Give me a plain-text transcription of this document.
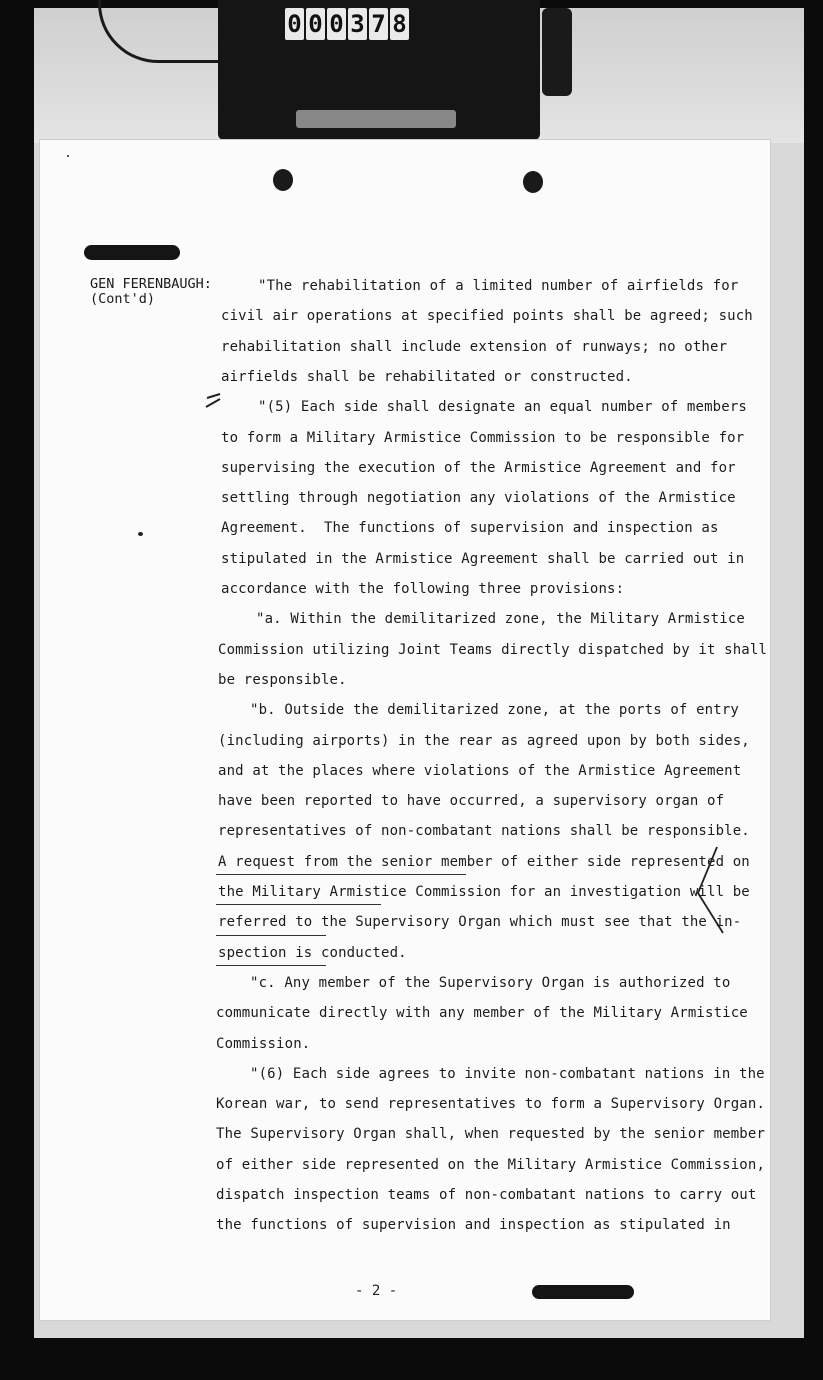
0 0 0 3 7 8
GEN FERENBAUGH:
(Cont'd)
"The rehabilitation of a limited number of airfields for
civil air operations at specified points shall be agreed; such
rehabilitation shall include extension of runways; no other
airfields shall be rehabilitated or constructed.
"(5) Each side shall designate an equal number of members
to form a Military Armistice Commission to be responsible for
supervising the execution of the Armistice Agreement and for
settling through negotiation any violations of the Armistice
Agreement.  The functions of supervision and inspection as
stipulated in the Armistice Agreement shall be carried out in
accordance with the following three provisions:
"a. Within the demilitarized zone, the Military Armistice
Commission utilizing Joint Teams directly dispatched by it shall
be responsible.
"b. Outside the demilitarized zone, at the ports of entry
(including airports) in the rear as agreed upon by both sides,
and at the places where violations of the Armistice Agreement
have been reported to have occurred, a supervisory organ of
representatives of non-combatant nations shall be responsible.
A request from the senior member of either side represented on
the Military Armistice Commission for an investigation will be
referred to the Supervisory Organ which must see that the in-
spection is conducted.
"c. Any member of the Supervisory Organ is authorized to
communicate directly with any member of the Military Armistice
Commission.
"(6) Each side agrees to invite non-combatant nations in the
Korean war, to send representatives to form a Supervisory Organ.
The Supervisory Organ shall, when requested by the senior member
of either side represented on the Military Armistice Commission,
dispatch inspection teams of non-combatant nations to carry out
the functions of supervision and inspection as stipulated in
- 2 -
